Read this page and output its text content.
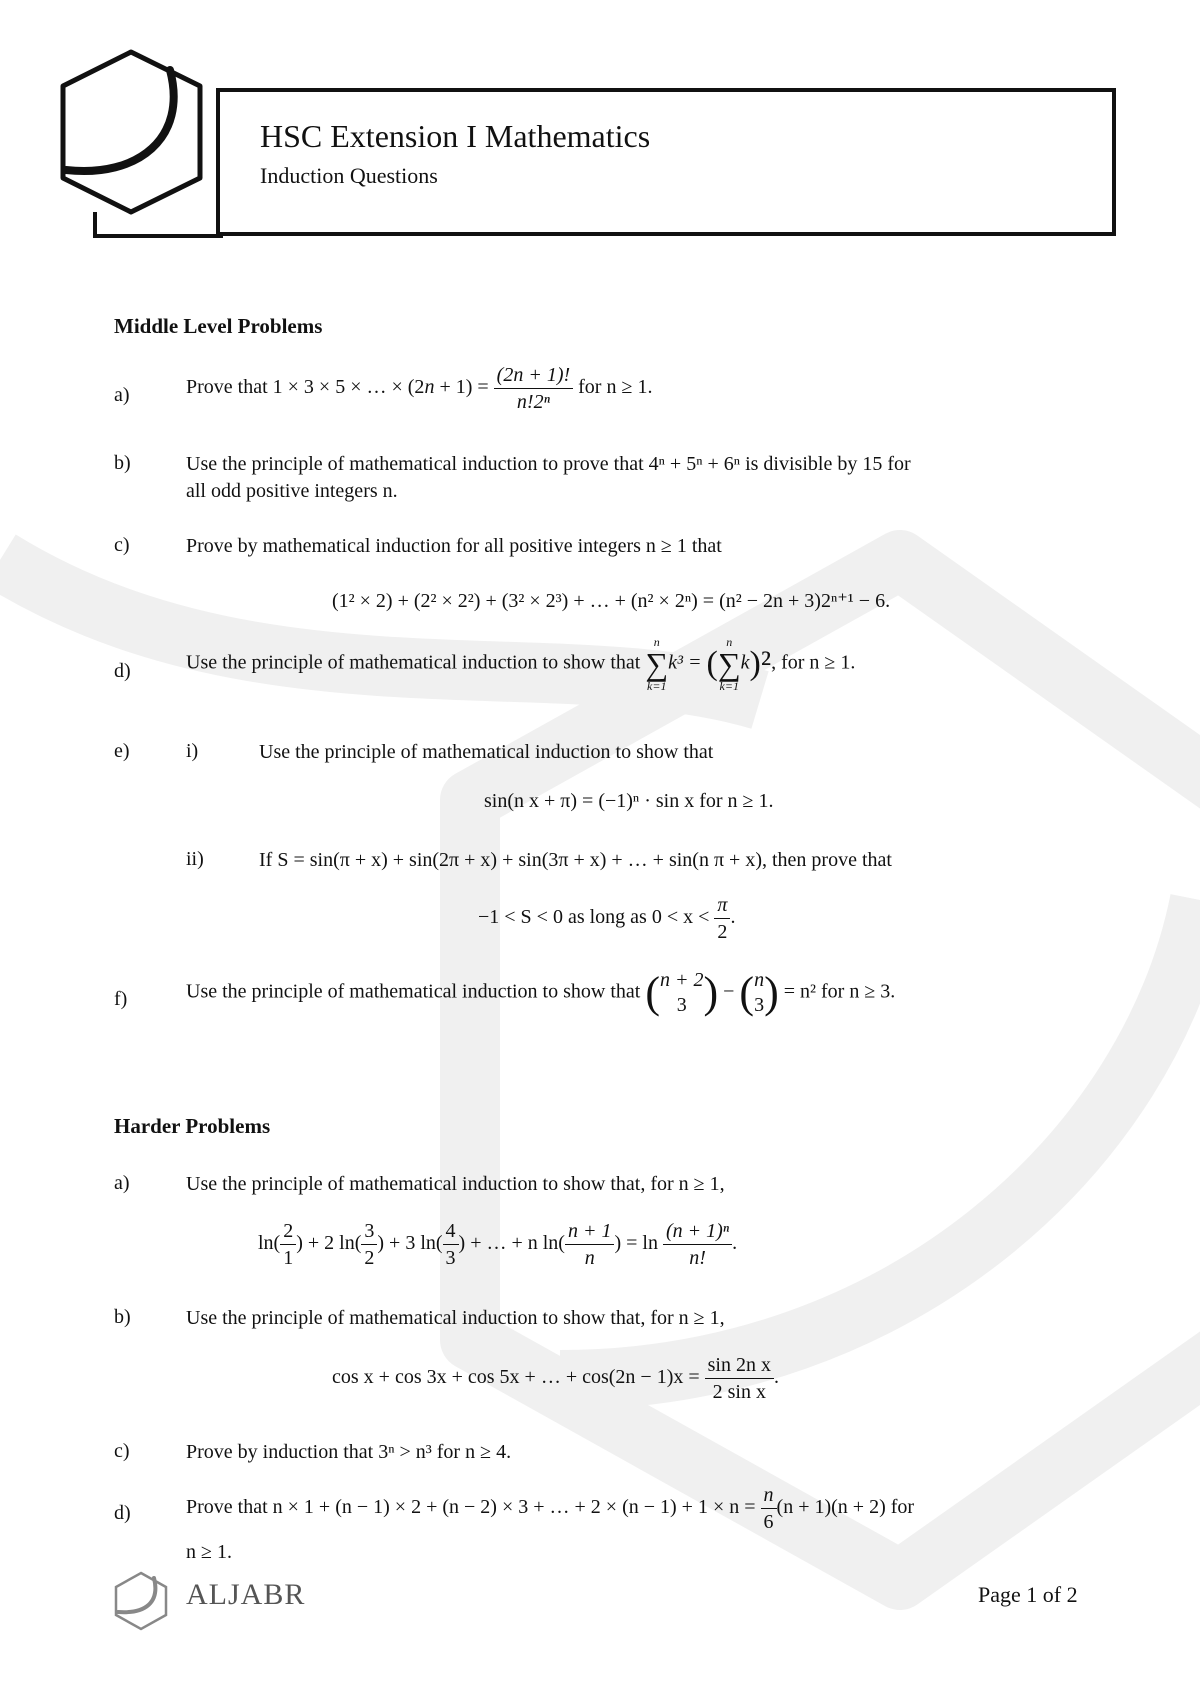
HSC Extension I Mathematics
Induction Questions
Middle Level Problems
a)	Prove that 1 × 3 × 5 × … × $(2n + 1) = \frac{(2n + 1)!}{\text{n!2ⁿ}}$ for n ≥ 1.
b)	Use the principle of mathematical induction to prove that 4ⁿ + 5ⁿ + 6ⁿ is divisible by 15 for
all odd positive integers n.
c)	Prove by mathematical induction for all positive integers n ≥ 1 that
(1² × 2) + (2² × 2²) + (3² × 2³) + … + (n² × 2ⁿ) = (n² − 2n + 3)2ⁿ⁺¹ − 6.
d)	Use the principle of mathematical induction to show that
n
∑
k=1
k³ = (
n
∑
k=1
k)², for n ≥ 1.
e)	i)	Use the principle of mathematical induction to show that
sin(n x + π) = (−1)ⁿ · sin x for n ≥ 1.
ii)	If S = sin(π + x) + sin(2π + x) + sin(3π + x) + … + sin(n π + x), then prove that
−1 < S < 0 as long as $0 < x < \frac{\pi}{2}$ .
f)	Use the principle of mathematical induction to show that ( n + 2
3 ) − ( n
3 ) = n² for n ≥ 3.
Harder Problems
a)	Use the principle of mathematical induction to show that, for n ≥ 1,
$\ln( \frac{2}{1}$ ) + 2 $\ln( \frac{3}{2}$ ) + 3 $\ln( \frac{4}{3}$ ) + … + n $\ln( \frac{n + 1}{n}$ ) = $\ln \frac{\text{(n + 1)ⁿ}}{n!}$ .
b)	Use the principle of mathematical induction to show that, for n ≥ 1,
cos x + cos 3x + cos 5x + … + $\cos(2n - 1)x = \frac{\text{sin 2n x}}{\text{2 sin x}}$ .
c)	Prove by induction that 3ⁿ > n³ for n ≥ 4.
d)	Prove that n × 1 + (n − 1) × 2 + (n − 2) × 3 + … + $2 \times (n - 1) + 1 \times n = \frac{n}{6} (n + 1)(n + 2)$ for
n ≥ 1.
ALJABR	Page 1 of 2
